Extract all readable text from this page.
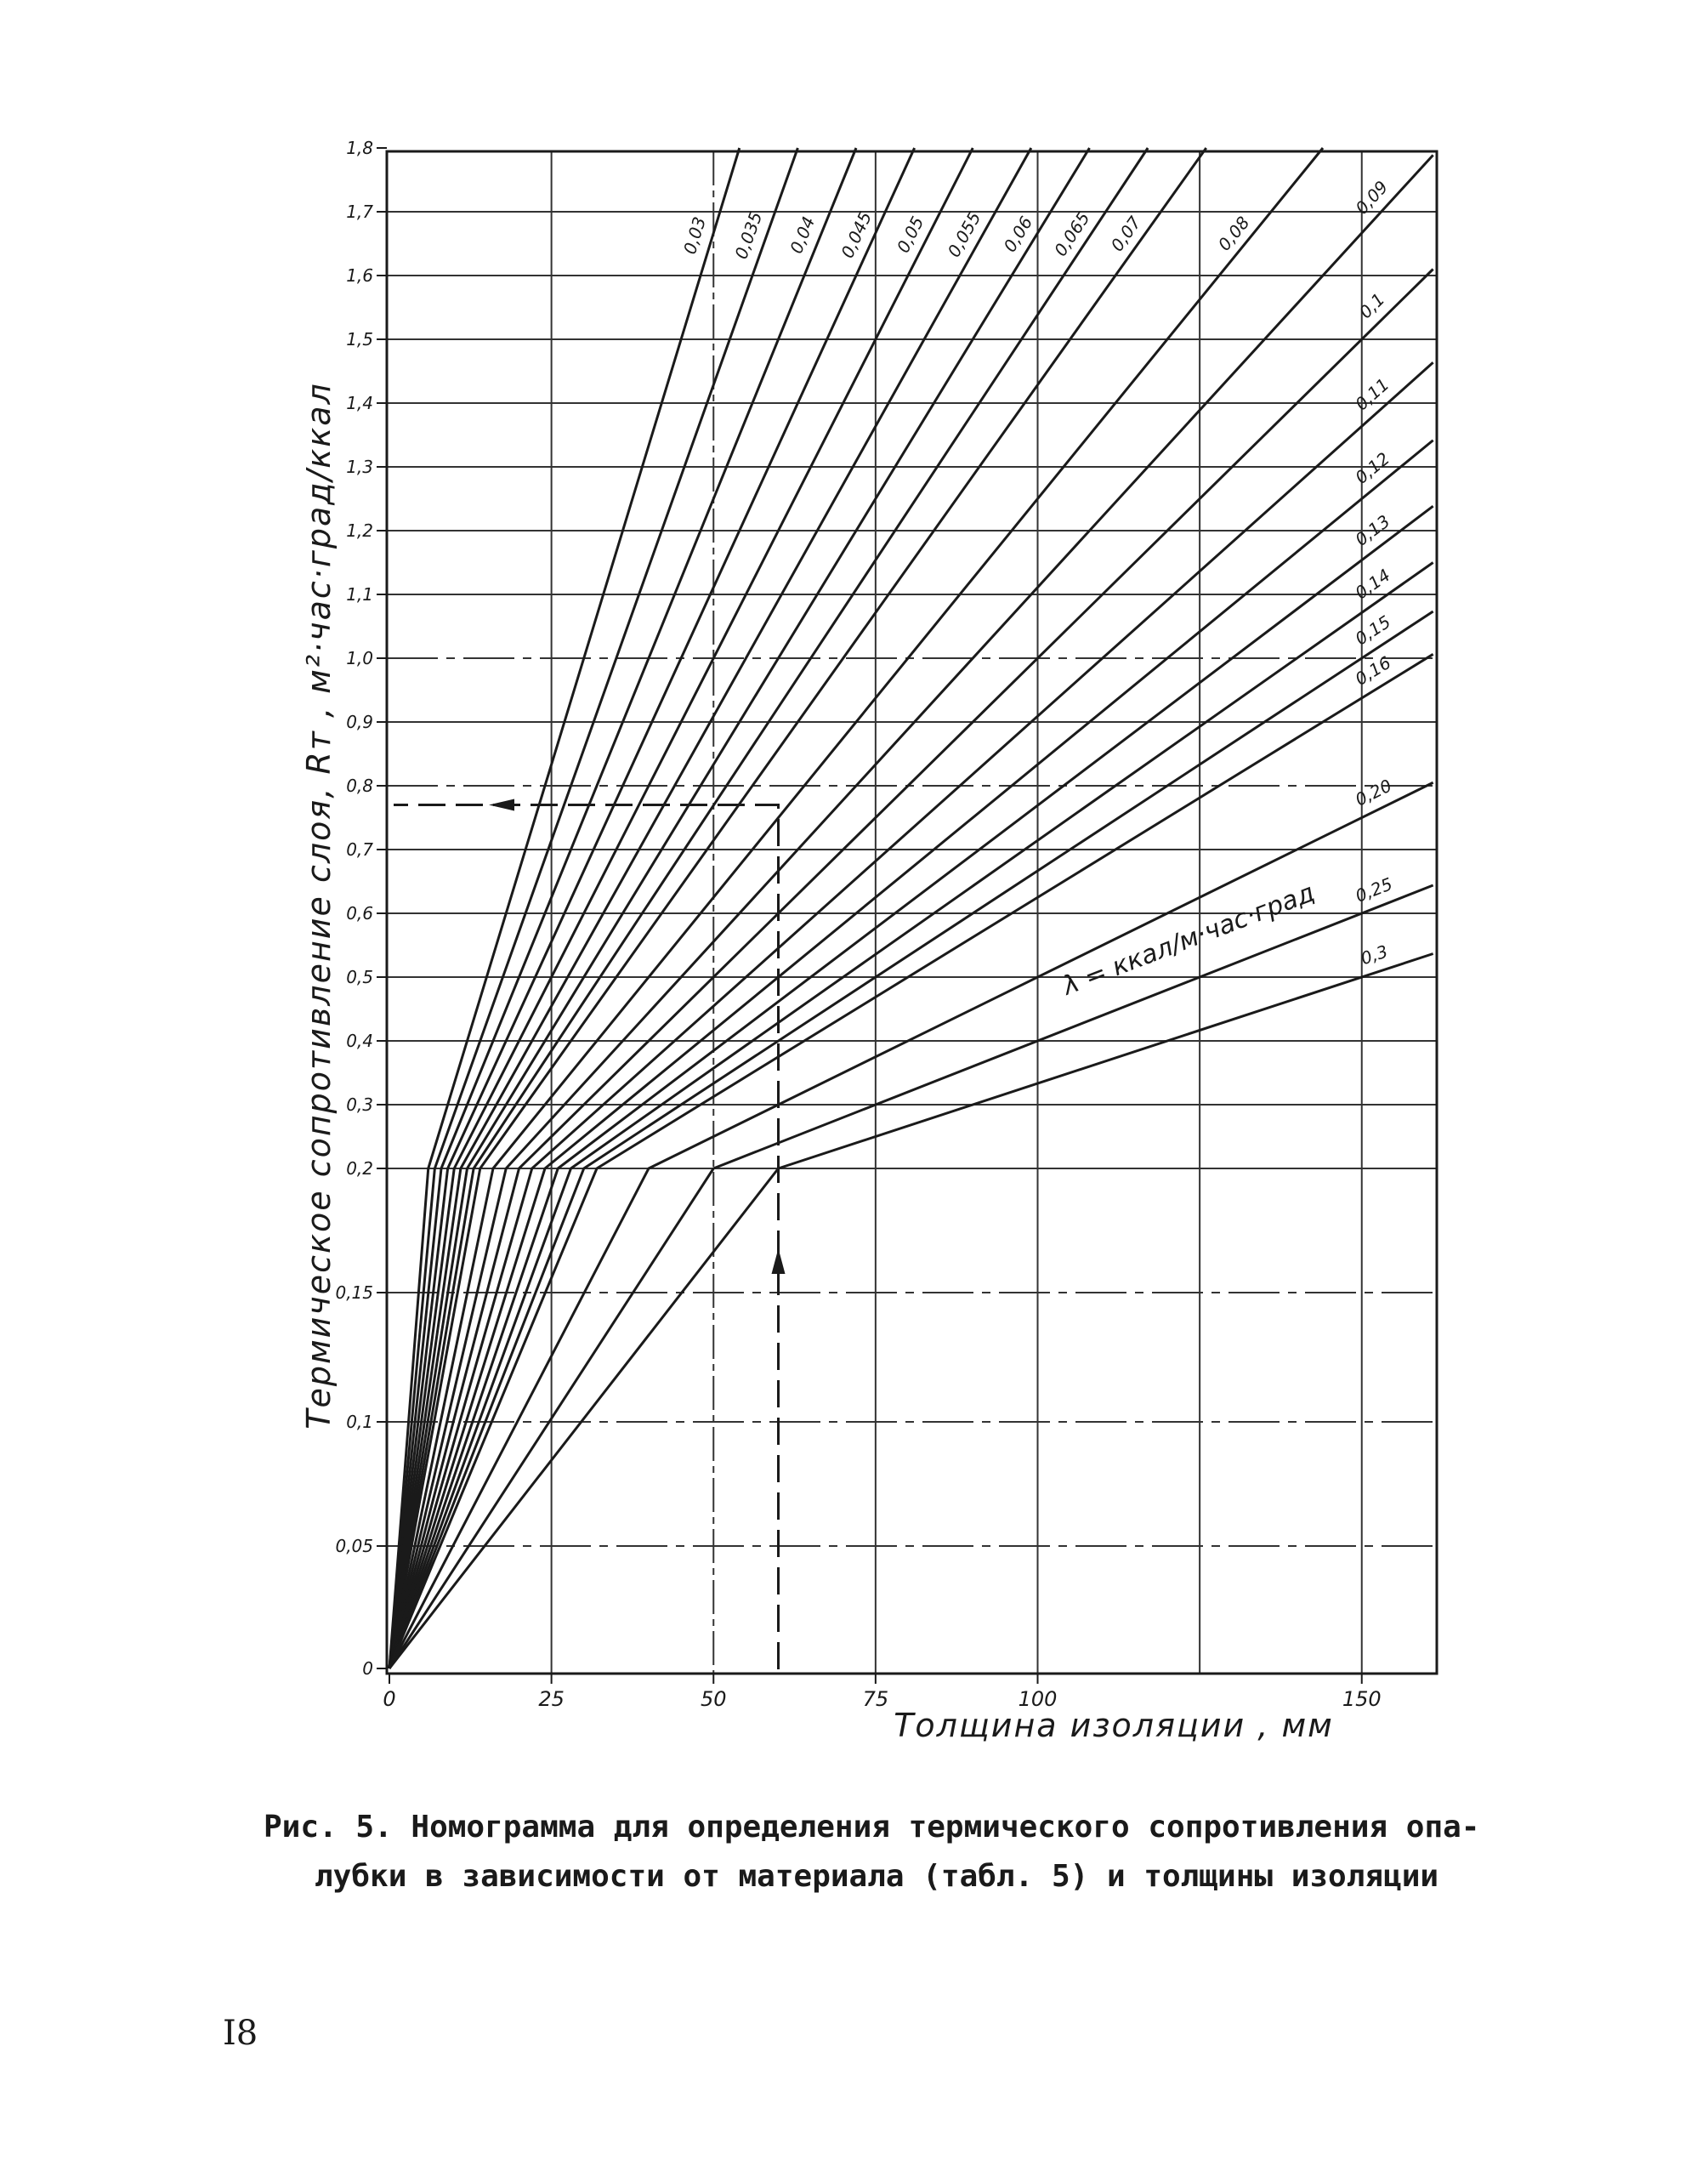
0
0,05
0,1
0,15
0,2
0,3
0,4
0,5
0,6
0,7
0,8
0,9
1,0
1,1
1,2
1,3
1,4
1,5
1,6
1,7
1,8
0	25	50	75	100	150
0,03 0,035 0,04 0,045 0,05 0,055 0,06 0,065 0,07	0,08
0,09
0,1
0,11
0,12
0,13
0,14
0,15
0,16
0,20
0,25
0,3
Термическое сопротивление слоя, Rᴛ , м²·час·град/ккал
Толщина изоляции , мм
λ = ккал/м·час·град
Рис. 5. Номограмма для определения термического сопротивления опа-
лубки в зависимости от материала (табл. 5) и толщины изоляции
I8
